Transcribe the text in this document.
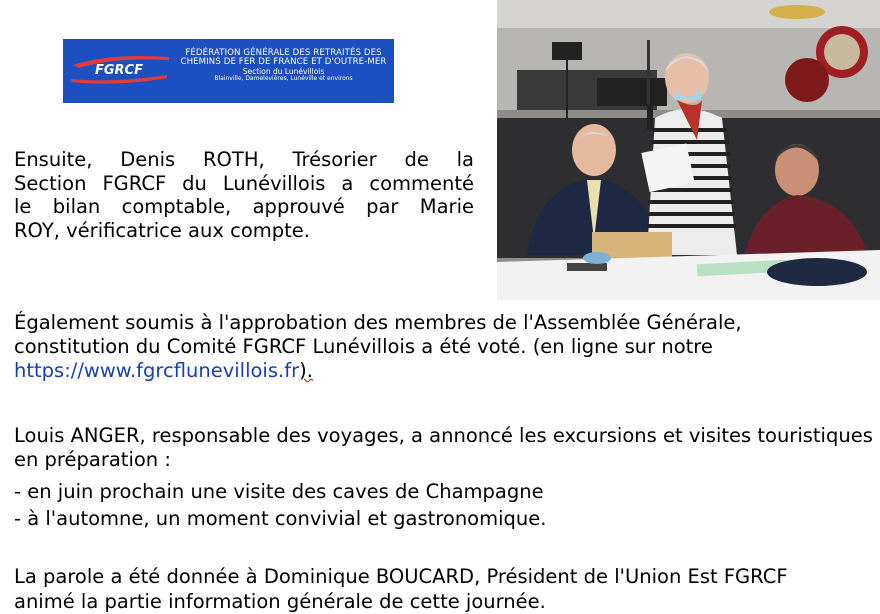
FGRCF
FÉDÉRATION GÉNÉRALE DES RETRAITÉS DES
CHEMINS DE FER DE FRANCE ET D'OUTRE-MER
Section du Lunévillois
Blainville, Damelevières, Lunéville et environs
Ensuite, Denis ROTH, Trésorier de la
Section FGRCF du Lunévillois a commenté
le bilan comptable, approuvé par Marie
ROY, vérificatrice aux compte.

Également soumis à l'approbation des membres de l'Assemblée Générale,

constitution du Comité FGRCF Lunévillois a été voté. (en ligne sur notre

https://www.fgrcflunevillois.fr).

Louis ANGER, responsable des voyages, a annoncé les excursions et visites touristiques

en préparation :

- en juin prochain une visite des caves de Champagne

- à l'automne, un moment convivial et gastronomique.

La parole a été donnée à Dominique BOUCARD, Président de l'Union Est FGRCF

animé la partie information générale de cette journée.
